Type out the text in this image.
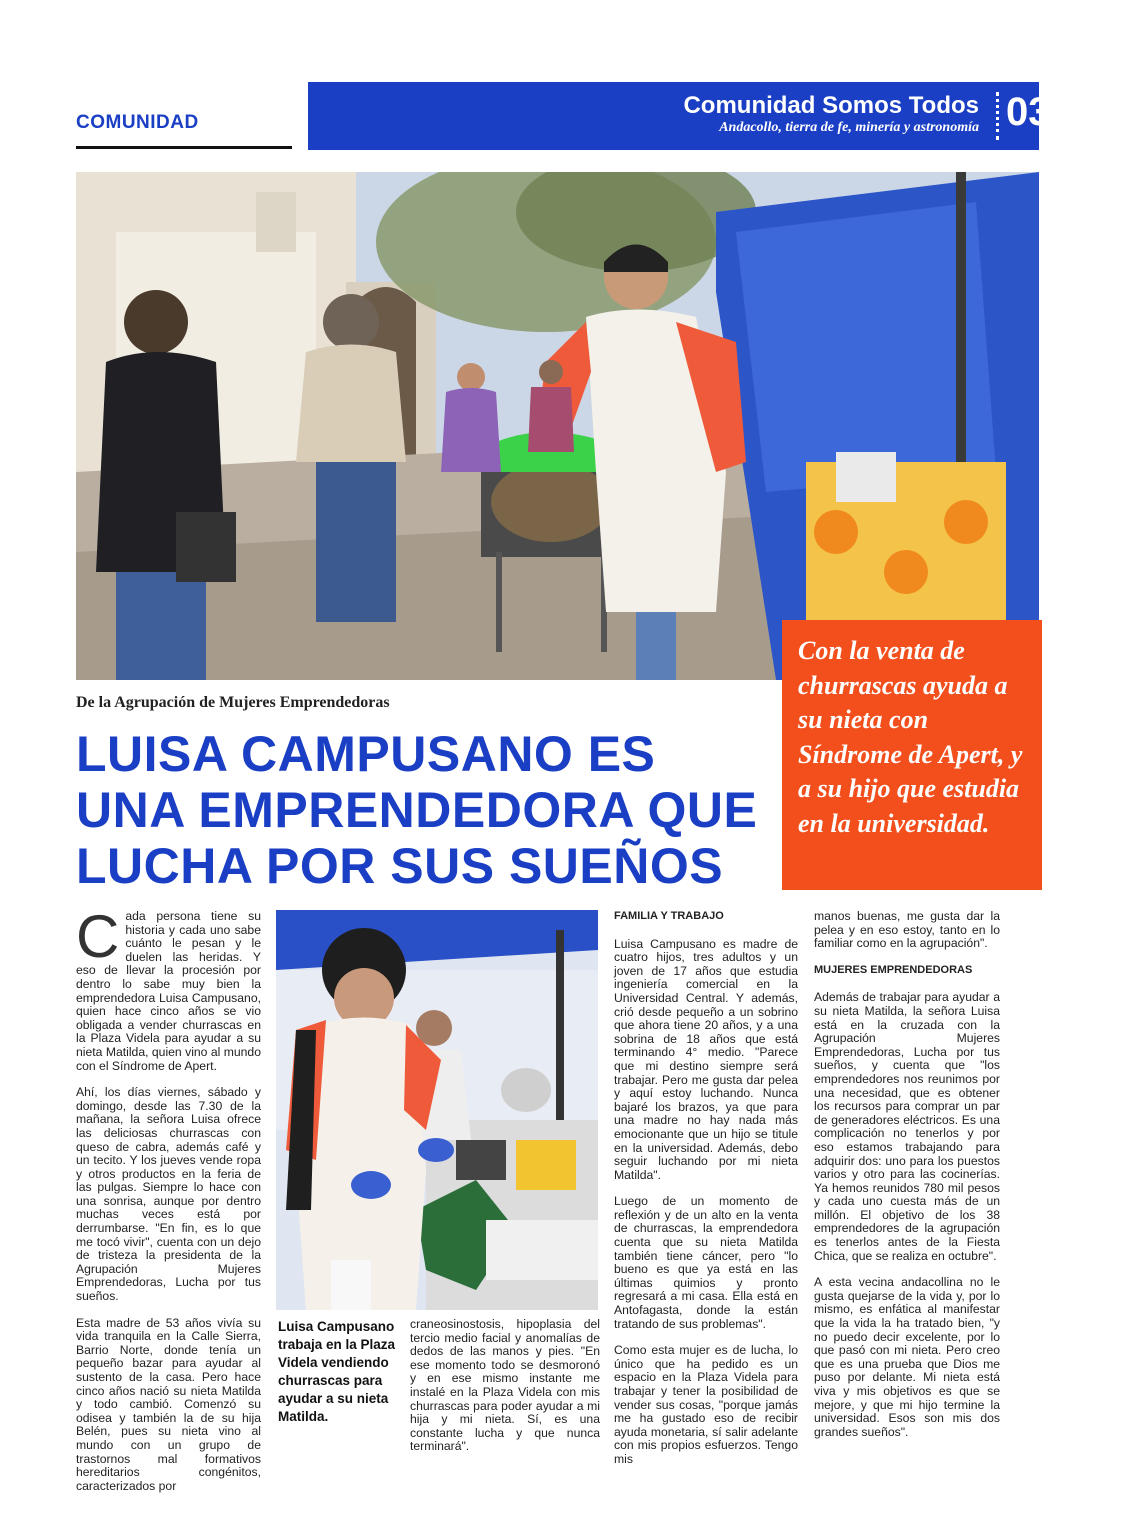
COMUNIDAD
Comunidad Somos Todos
Andacollo, tierra de fe, minería y astronomía 03

Con la venta de churrascas ayuda a su nieta con Síndrome de Apert, y a su hijo que estudia en la universidad.

De la Agrupación de Mujeres Emprendedoras
LUISA CAMPUSANO ES UNA EMPRENDEDORA QUE LUCHA POR SUS SUEÑOS

Cada persona tiene su historia y cada uno sabe cuánto le pesan y le duelen las heridas. Y eso de llevar la procesión por dentro lo sabe muy bien la emprendedora Luisa Campusano, quien hace cinco años se vio obligada a vender churrascas en la Plaza Videla para ayudar a su nieta Matilda, quien vino al mundo con el Síndrome de Apert.

Ahí, los días viernes, sábado y domingo, desde las 7.30 de la mañana, la señora Luisa ofrece las deliciosas churrascas con queso de cabra, además café y un tecito. Y los jueves vende ropa y otros productos en la feria de las pulgas. Siempre lo hace con una sonrisa, aunque por dentro muchas veces está por derrumbarse. "En fin, es lo que me tocó vivir", cuenta con un dejo de tristeza la presidenta de la Agrupación Mujeres Emprendedoras, Lucha por tus sueños.

Esta madre de 53 años vivía su vida tranquila en la Calle Sierra, Barrio Norte, donde tenía un pequeño bazar para ayudar al sustento de la casa. Pero hace cinco años nació su nieta Matilda y todo cambió. Comenzó su odisea y también la de su hija Belén, pues su nieta vino al mundo con un grupo de trastornos mal formativos hereditarios congénitos, caracterizados por

Luisa Campusano trabaja en la Plaza Videla vendiendo churrascas para ayudar a su nieta Matilda.

craneosinostosis, hipoplasia del tercio medio facial y anomalías de dedos de las manos y pies. "En ese momento todo se desmoronó y en ese mismo instante me instalé en la Plaza Videla con mis churrascas para poder ayudar a mi hija y mi nieta. Sí, es una constante lucha y que nunca terminará".

FAMILIA Y TRABAJO

Luisa Campusano es madre de cuatro hijos, tres adultos y un joven de 17 años que estudia ingeniería comercial en la Universidad Central. Y además, crió desde pequeño a un sobrino que ahora tiene 20 años, y a una sobrina de 18 años que está terminando 4° medio. "Parece que mi destino siempre será trabajar. Pero me gusta dar pelea y aquí estoy luchando. Nunca bajaré los brazos, ya que para una madre no hay nada más emocionante que un hijo se titule en la universidad. Además, debo seguir luchando por mi nieta Matilda".

Luego de un momento de reflexión y de un alto en la venta de churrascas, la emprendedora cuenta que su nieta Matilda también tiene cáncer, pero "lo bueno es que ya está en las últimas quimios y pronto regresará a mi casa. Ella está en Antofagasta, donde la están tratando de sus problemas".

Como esta mujer es de lucha, lo único que ha pedido es un espacio en la Plaza Videla para trabajar y tener la posibilidad de vender sus cosas, "porque jamás me ha gustado eso de recibir ayuda monetaria, sí salir adelante con mis propios esfuerzos. Tengo mis

manos buenas, me gusta dar la pelea y en eso estoy, tanto en lo familiar como en la agrupación".

MUJERES EMPRENDEDORAS

Además de trabajar para ayudar a su nieta Matilda, la señora Luisa está en la cruzada con la Agrupación Mujeres Emprendedoras, Lucha por tus sueños, y cuenta que "los emprendedores nos reunimos por una necesidad, que es obtener los recursos para comprar un par de generadores eléctricos. Es una complicación no tenerlos y por eso estamos trabajando para adquirir dos: uno para los puestos varios y otro para las cocinerías. Ya hemos reunidos 780 mil pesos y cada uno cuesta más de un millón. El objetivo de los 38 emprendedores de la agrupación es tenerlos antes de la Fiesta Chica, que se realiza en octubre".

A esta vecina andacollina no le gusta quejarse de la vida y, por lo mismo, es enfática al manifestar que la vida la ha tratado bien, "y no puedo decir excelente, por lo que pasó con mi nieta. Pero creo que es una prueba que Dios me puso por delante. Mi nieta está viva y mis objetivos es que se mejore, y que mi hijo termine la universidad. Esos son mis dos grandes sueños".
